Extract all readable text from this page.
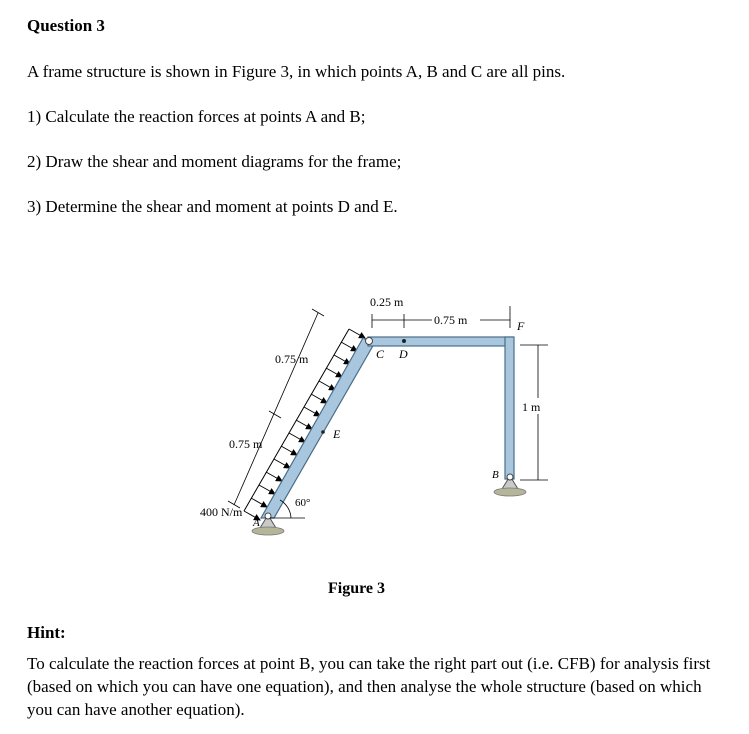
Question 3
A frame structure is shown in Figure 3, in which points A, B and C are all pins.
1) Calculate the reaction forces at points A and B;
2) Draw the shear and moment diagrams for the frame;
3) Determine the shear and moment at points D and E.
0.25 m
0.75 m
0.75 m
0.75 m
1 m
400 N/m
60°
A
B
C D
E
F
Figure 3
Hint:
To calculate the reaction forces at point B, you can take the right part out (i.e. CFB) for analysis first (based on which you can have one equation), and then analyse the whole structure (based on which you can have another equation).
